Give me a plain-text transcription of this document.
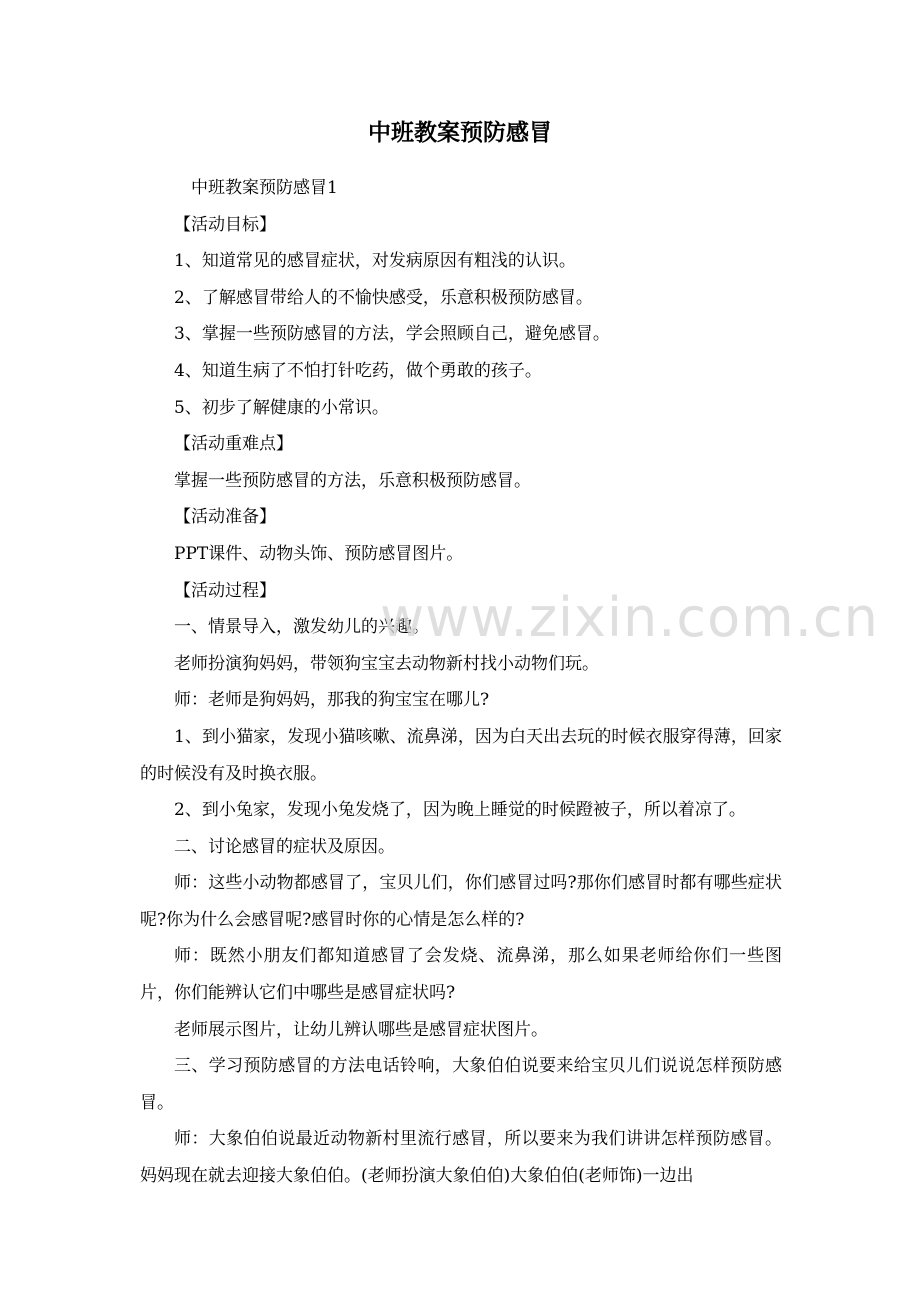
中班教案预防感冒

中班教案预防感冒1

【活动目标】

1、知道常见的感冒症状，对发病原因有粗浅的认识。

2、了解感冒带给人的不愉快感受，乐意积极预防感冒。

3、掌握一些预防感冒的方法，学会照顾自己，避免感冒。

4、知道生病了不怕打针吃药，做个勇敢的孩子。

5、初步了解健康的小常识。

【活动重难点】

掌握一些预防感冒的方法，乐意积极预防感冒。

【活动准备】

PPT课件、动物头饰、预防感冒图片。

【活动过程】

一、情景导入，激发幼儿的兴趣。

老师扮演狗妈妈，带领狗宝宝去动物新村找小动物们玩。

师：老师是狗妈妈，那我的狗宝宝在哪儿?

1、到小猫家，发现小猫咳嗽、流鼻涕，因为白天出去玩的时候衣服穿得薄，回家的时候没有及时换衣服。

2、到小兔家，发现小兔发烧了，因为晚上睡觉的时候蹬被子，所以着凉了。

二、讨论感冒的症状及原因。

师：这些小动物都感冒了，宝贝儿们，你们感冒过吗?那你们感冒时都有哪些症状呢?你为什么会感冒呢?感冒时你的心情是怎么样的?

师：既然小朋友们都知道感冒了会发烧、流鼻涕，那么如果老师给你们一些图片，你们能辨认它们中哪些是感冒症状吗?

老师展示图片，让幼儿辨认哪些是感冒症状图片。

三、学习预防感冒的方法电话铃响，大象伯伯说要来给宝贝儿们说说怎样预防感冒。

师：大象伯伯说最近动物新村里流行感冒，所以要来为我们讲讲怎样预防感冒。妈妈现在就去迎接大象伯伯。(老师扮演大象伯伯)大象伯伯(老师饰)一边出

www.zixin.com.cn
